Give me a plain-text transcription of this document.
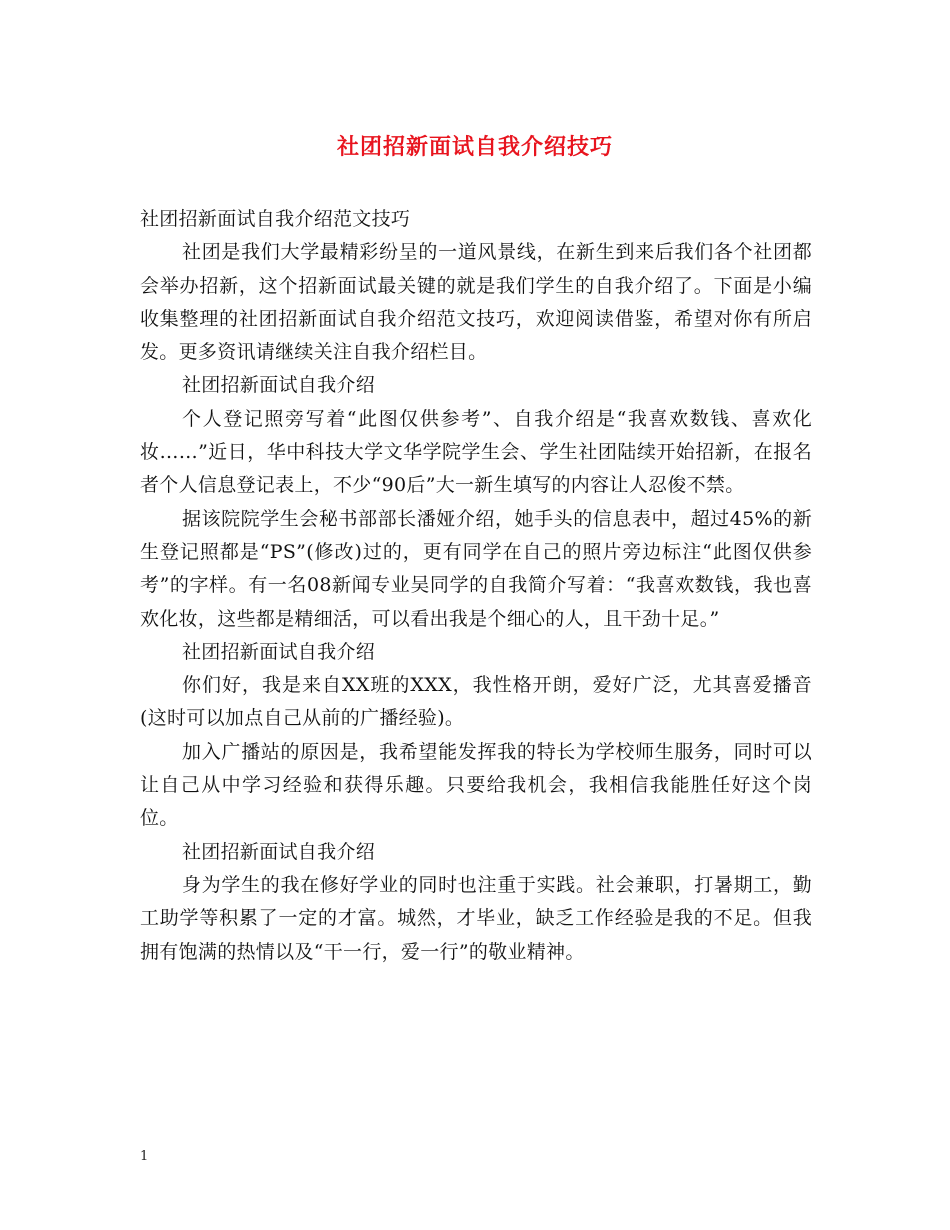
社团招新面试自我介绍技巧

社团招新面试自我介绍范文技巧

社团是我们大学最精彩纷呈的一道风景线，在新生到来后我们各个社团都会举办招新，这个招新面试最关键的就是我们学生的自我介绍了。下面是小编收集整理的社团招新面试自我介绍范文技巧，欢迎阅读借鉴，希望对你有所启发。更多资讯请继续关注自我介绍栏目。

社团招新面试自我介绍

个人登记照旁写着“此图仅供参考”、自我介绍是“我喜欢数钱、喜欢化妆……”近日，华中科技大学文华学院学生会、学生社团陆续开始招新，在报名者个人信息登记表上，不少“90后”大一新生填写的内容让人忍俊不禁。

据该院院学生会秘书部部长潘娅介绍，她手头的信息表中，超过45%的新生登记照都是“PS”(修改)过的，更有同学在自己的照片旁边标注“此图仅供参考”的字样。有一名08新闻专业吴同学的自我简介写着：“我喜欢数钱，我也喜欢化妆，这些都是精细活，可以看出我是个细心的人，且干劲十足。”

社团招新面试自我介绍

你们好，我是来自XX班的XXX，我性格开朗，爱好广泛，尤其喜爱播音(这时可以加点自己从前的广播经验)。

加入广播站的原因是，我希望能发挥我的特长为学校师生服务，同时可以让自己从中学习经验和获得乐趣。只要给我机会，我相信我能胜任好这个岗位。

社团招新面试自我介绍

身为学生的我在修好学业的同时也注重于实践。社会兼职，打暑期工，勤工助学等积累了一定的才富。城然，才毕业，缺乏工作经验是我的不足。但我拥有饱满的热情以及“干一行，爱一行”的敬业精神。

1
